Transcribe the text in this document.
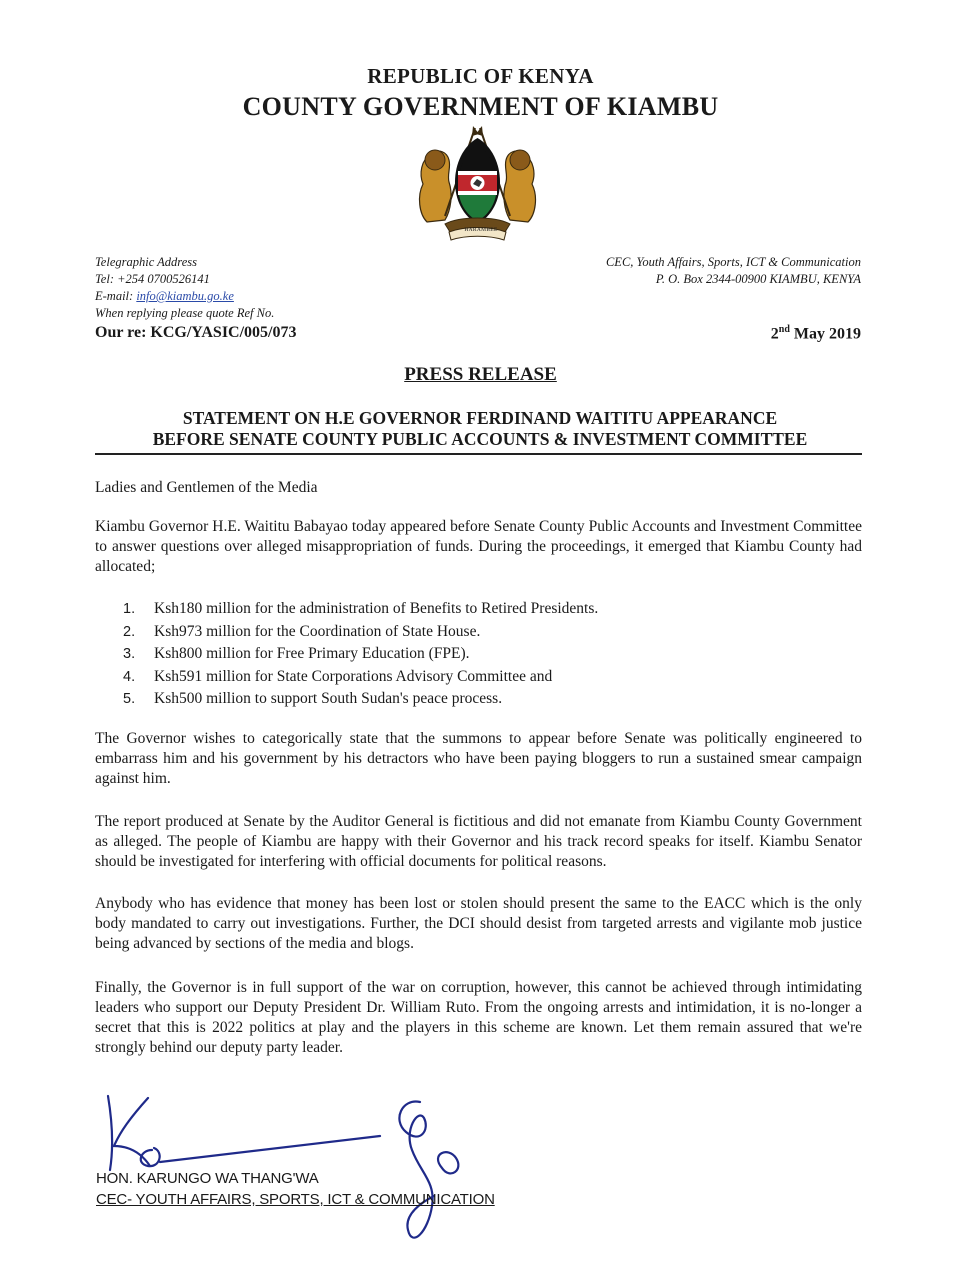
REPUBLIC OF KENYA
COUNTY GOVERNMENT OF KIAMBU
HARAMBEE
Telegraphic Address
Tel: +254 0700526141
E-mail: info@kiambu.go.ke
When replying please quote Ref No.
CEC, Youth Affairs, Sports, ICT & Communication
P. O. Box 2344-00900 KIAMBU, KENYA
Our re: KCG/YASIC/005/073	2nd May 2019
PRESS RELEASE
STATEMENT ON H.E GOVERNOR FERDINAND WAITITU APPEARANCE
BEFORE SENATE COUNTY PUBLIC ACCOUNTS & INVESTMENT COMMITTEE
Ladies and Gentlemen of the Media
Kiambu Governor H.E. Waititu Babayao today appeared before Senate County Public Accounts and Investment Committee to answer questions over alleged misappropriation of funds. During the proceedings, it emerged that Kiambu County had allocated;
1. Ksh180 million for the administration of Benefits to Retired Presidents.
2. Ksh973 million for the Coordination of State House.
3. Ksh800 million for Free Primary Education (FPE).
4. Ksh591 million for State Corporations Advisory Committee and
5. Ksh500 million to support South Sudan's peace process.
The Governor wishes to categorically state that the summons to appear before Senate was politically engineered to embarrass him and his government by his detractors who have been paying bloggers to run a sustained smear campaign against him.
The report produced at Senate by the Auditor General is fictitious and did not emanate from Kiambu County Government as alleged. The people of Kiambu are happy with their Governor and his track record speaks for itself. Kiambu Senator should be investigated for interfering with official documents for political reasons.
Anybody who has evidence that money has been lost or stolen should present the same to the EACC which is the only body mandated to carry out investigations. Further, the DCI should desist from targeted arrests and vigilante mob justice being advanced by sections of the media and blogs.
Finally, the Governor is in full support of the war on corruption, however, this cannot be achieved through intimidating leaders who support our Deputy President Dr. William Ruto. From the ongoing arrests and intimidation, it is no-longer a secret that this is 2022 politics at play and the players in this scheme are known. Let them remain assured that we're strongly behind our deputy party leader.
HON. KARUNGO WA THANG'WA
CEC- YOUTH AFFAIRS, SPORTS, ICT & COMMUNICATION
